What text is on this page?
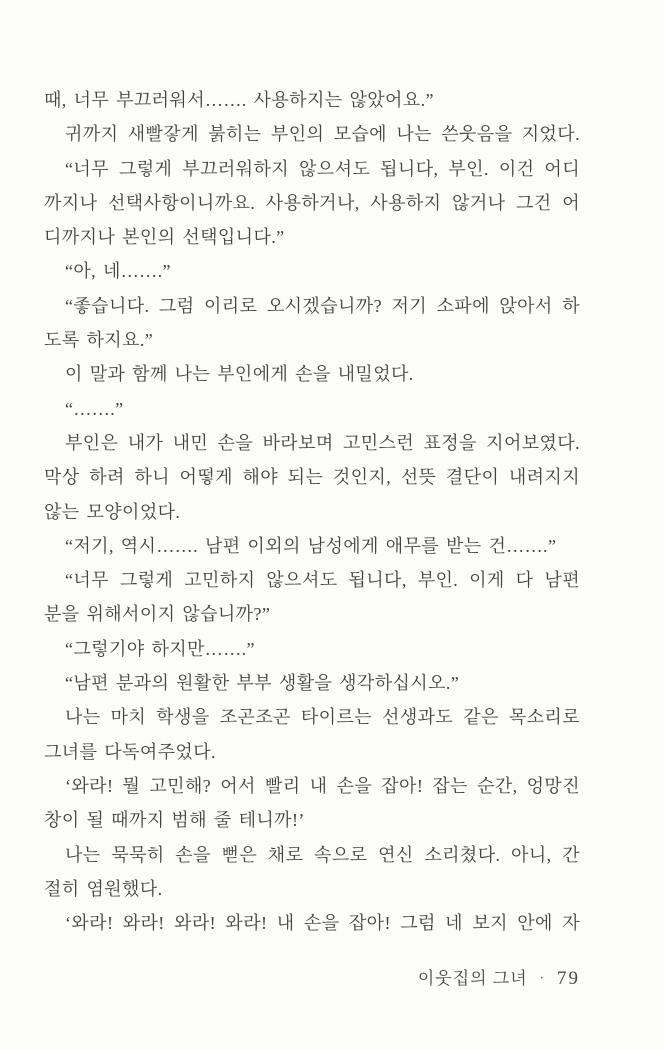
때, 너무 부끄러워서……. 사용하지는 않았어요.”
귀까지 새빨갛게 붉히는 부인의 모습에 나는 쓴웃음을 지었다.
“너무 그렇게 부끄러워하지 않으셔도 됩니다, 부인. 이건 어디
까지나 선택사항이니까요. 사용하거나, 사용하지 않거나 그건 어
디까지나 본인의 선택입니다.”
“아, 네…….”
“좋습니다. 그럼 이리로 오시겠습니까? 저기 소파에 앉아서 하
도록 하지요.”
이 말과 함께 나는 부인에게 손을 내밀었다.
“…….”
부인은 내가 내민 손을 바라보며 고민스런 표정을 지어보였다.
막상 하려 하니 어떻게 해야 되는 것인지, 선뜻 결단이 내려지지
않는 모양이었다.
“저기, 역시……. 남편 이외의 남성에게 애무를 받는 건…….”
“너무 그렇게 고민하지 않으셔도 됩니다, 부인. 이게 다 남편
분을 위해서이지 않습니까?”
“그렇기야 하지만…….”
“남편 분과의 원활한 부부 생활을 생각하십시오.”
나는 마치 학생을 조곤조곤 타이르는 선생과도 같은 목소리로
그녀를 다독여주었다.
‘와라! 뭘 고민해? 어서 빨리 내 손을 잡아! 잡는 순간, 엉망진
창이 될 때까지 범해 줄 테니까!’
나는 묵묵히 손을 뻗은 채로 속으로 연신 소리쳤다. 아니, 간
절히 염원했다.
‘와라! 와라! 와라! 와라! 내 손을 잡아! 그럼 네 보지 안에 자
이웃집의 그녀 · 79
